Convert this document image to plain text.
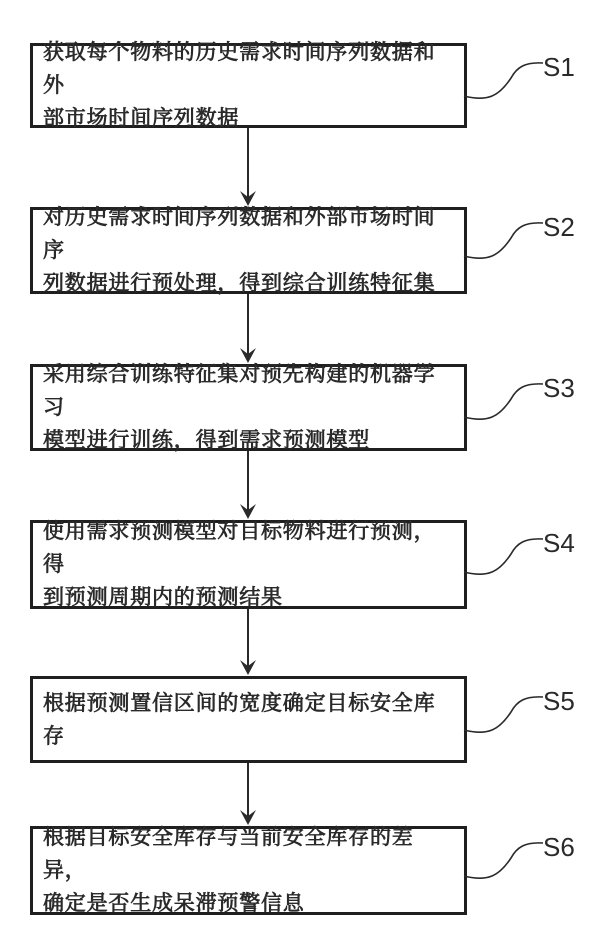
获取每个物料的历史需求时间序列数据和外
部市场时间序列数据
S1
对历史需求时间序列数据和外部市场时间序
列数据进行预处理，得到综合训练特征集
S2
采用综合训练特征集对预先构建的机器学习
模型进行训练，得到需求预测模型
S3
使用需求预测模型对目标物料进行预测，得
到预测周期内的预测结果
S4
根据预测置信区间的宽度确定目标安全库存
S5
根据目标安全库存与当前安全库存的差异，
确定是否生成呆滞预警信息
S6
